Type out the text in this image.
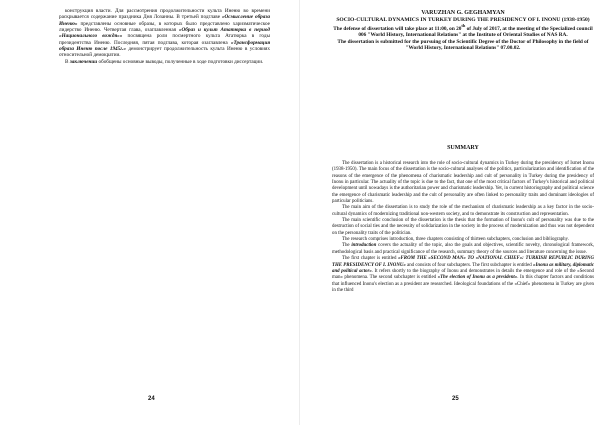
конструкция власти. Для рассмотрения продолжительности культа Иненю во времени раскрывается содержание праздника Дня Лозанны. В третьей подглаве «Осмысление образа Иненю» представлены основные образы, в которых было представлено харизматическое лидерство Иненю. Четвертая глава, озаглавленная «Образ и культ Ататюрка в период «Национального вождя»» посвящена роли посмертного культа Ататюрка в годы президентства Иненю. Последняя, пятая подглава, которая озаглавлена «Трансформация образа Иненю после 1945г.» демонстрирует продолжительность культа Иненю в условиях относительной демократии.

В заключении обобщены основные выводы, полученные в ходе подготовки диссертации.

24
VARUZHAN G. GEGHAMYAN
SOCIO-CULTURAL DYNAMICS IN TURKEY DURING THE PRESIDENCY OF I. INONU (1938-1950)
The defense of dissertation will take place at 11:00, on 20th of July of 2017, at the meeting of the Specialized council 006 "World History, International Relations" at the Institute of Oriental Studies of NAS RA.
The dissertation is submitted for the pursuing of the Scientific Degree of the Doctor of Philosophy in the field of "World History, International Relations" 07.00.02.
SUMMARY

The dissertation is a historical research into the role of socio-cultural dynamics in Turkey during the presidency of Ismet Inonu (1938-1950). The main focus of the dissertation is the socio-cultural analyses of the politics, particularization and identification of the reasons of the emergence of the phenomena of charismatic leadership and cult of personality in Turkey during the presidency of Inonu in particular. The actuality of the topic is due to the fact, that one of the most critical factors of Turkey's historical and political development until nowadays is the authoritarian power and charismatic leadership. Yet, in current historiography and political science the emergence of charismatic leadership and the cult of personality are often linked to personality traits and dominant ideologies of particular politicians.

The main aim of the dissertation is to study the role of the mechanism of charismatic leadership as a key factor in the socio-cultural dynamics of modernizing traditional non-western society, and to demonstrate its construction and representation.

The main scientific conclusion of the dissertation is the thesis that the formation of Inonu's cult of personality was due to the destruction of social ties and the necessity of solidarization in the society in the process of modernization and thus was not dependent on the personality traits of the politician.

The research comprises introduction, three chapters consisting of thirteen subchapters, conclusion and bibliography.

The introduction covers the actuality of the topic, also the goals and objectives, scientific novelty, chronological framework, methodological basis and practical significance of the research, summary theory of the sources and literature concerning the issue.

The first chapter is entitled «FROM THE «SECOND MAN» TO «NATIONAL CHIEF»: TURKISH REPUBLIC DURING THE PRESIDENCY OF I. INONU» and consists of four subchapters. The first subchapter is entitled «Inonu as military, diplomatic and political actor». It refers shortly to the biography of Inonu and demonstrates in details the emergence and role of the «Second man» phenomena. The second subchapter is entitled «The election of Inonu as a president». In this chapter factors and conditions that influenced Inonu's election as a president are researched. Ideological foundations of the «Chief» phenomena in Turkey are given in the third

25
